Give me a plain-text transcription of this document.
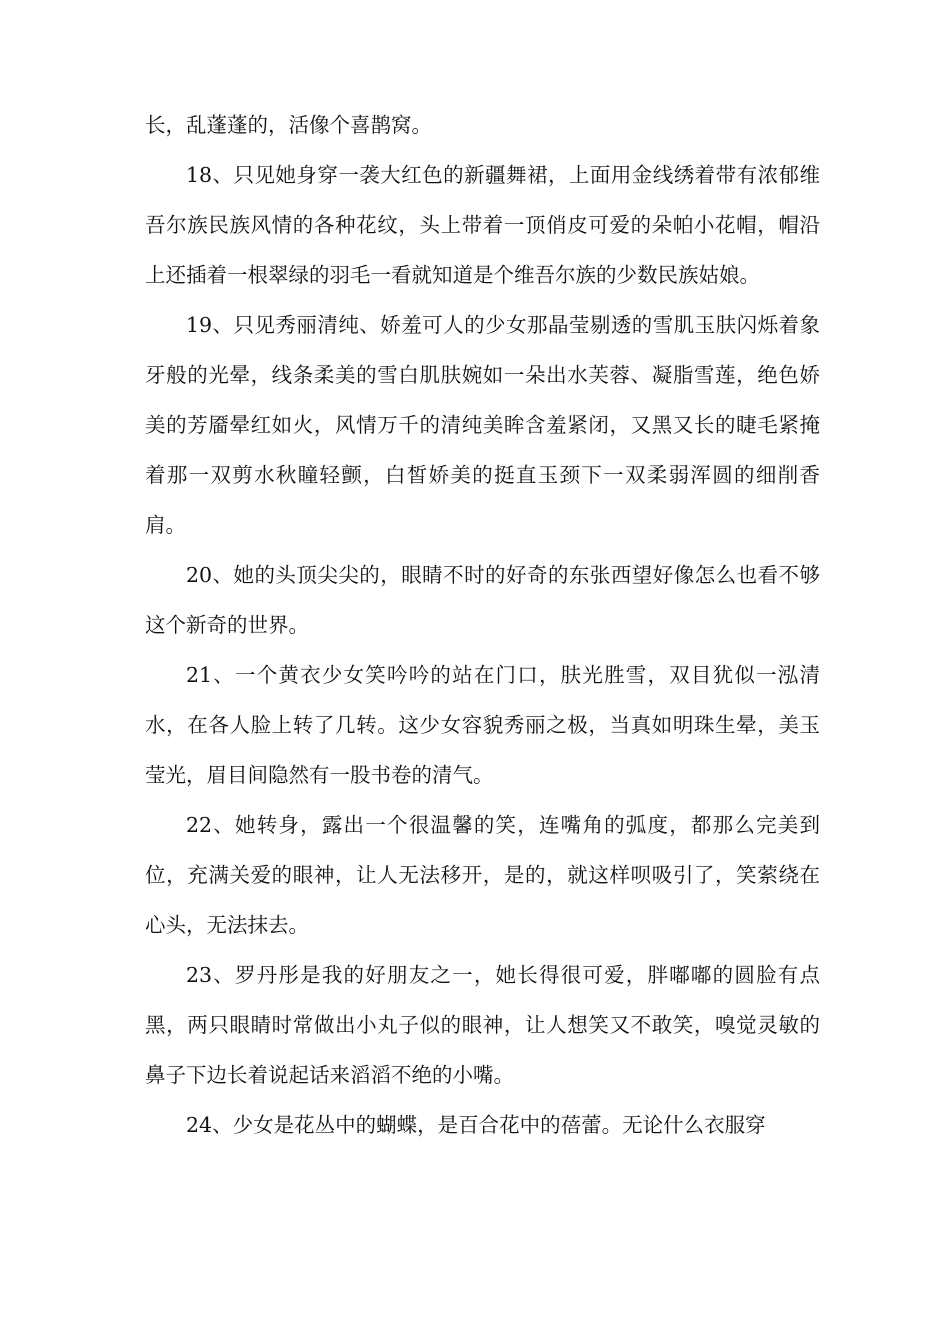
长，乱蓬蓬的，活像个喜鹊窝。

18、只见她身穿一袭大红色的新疆舞裙，上面用金线绣着带有浓郁维吾尔族民族风情的各种花纹，头上带着一顶俏皮可爱的朵帕小花帽，帽沿上还插着一根翠绿的羽毛一看就知道是个维吾尔族的少数民族姑娘。

19、只见秀丽清纯、娇羞可人的少女那晶莹剔透的雪肌玉肤闪烁着象牙般的光晕，线条柔美的雪白肌肤婉如一朵出水芙蓉、凝脂雪莲，绝色娇美的芳靥晕红如火，风情万千的清纯美眸含羞紧闭，又黑又长的睫毛紧掩着那一双剪水秋瞳轻颤，白皙娇美的挺直玉颈下一双柔弱浑圆的细削香肩。

20、她的头顶尖尖的，眼睛不时的好奇的东张西望好像怎么也看不够这个新奇的世界。

21、一个黄衣少女笑吟吟的站在门口，肤光胜雪，双目犹似一泓清水，在各人脸上转了几转。这少女容貌秀丽之极，当真如明珠生晕，美玉莹光，眉目间隐然有一股书卷的清气。

22、她转身，露出一个很温馨的笑，连嘴角的弧度，都那么完美到位，充满关爱的眼神，让人无法移开，是的，就这样呗吸引了，笑萦绕在心头，无法抹去。

23、罗丹彤是我的好朋友之一，她长得很可爱，胖嘟嘟的圆脸有点黑，两只眼睛时常做出小丸子似的眼神，让人想笑又不敢笑，嗅觉灵敏的鼻子下边长着说起话来滔滔不绝的小嘴。

24、少女是花丛中的蝴蝶，是百合花中的蓓蕾。无论什么衣服穿
